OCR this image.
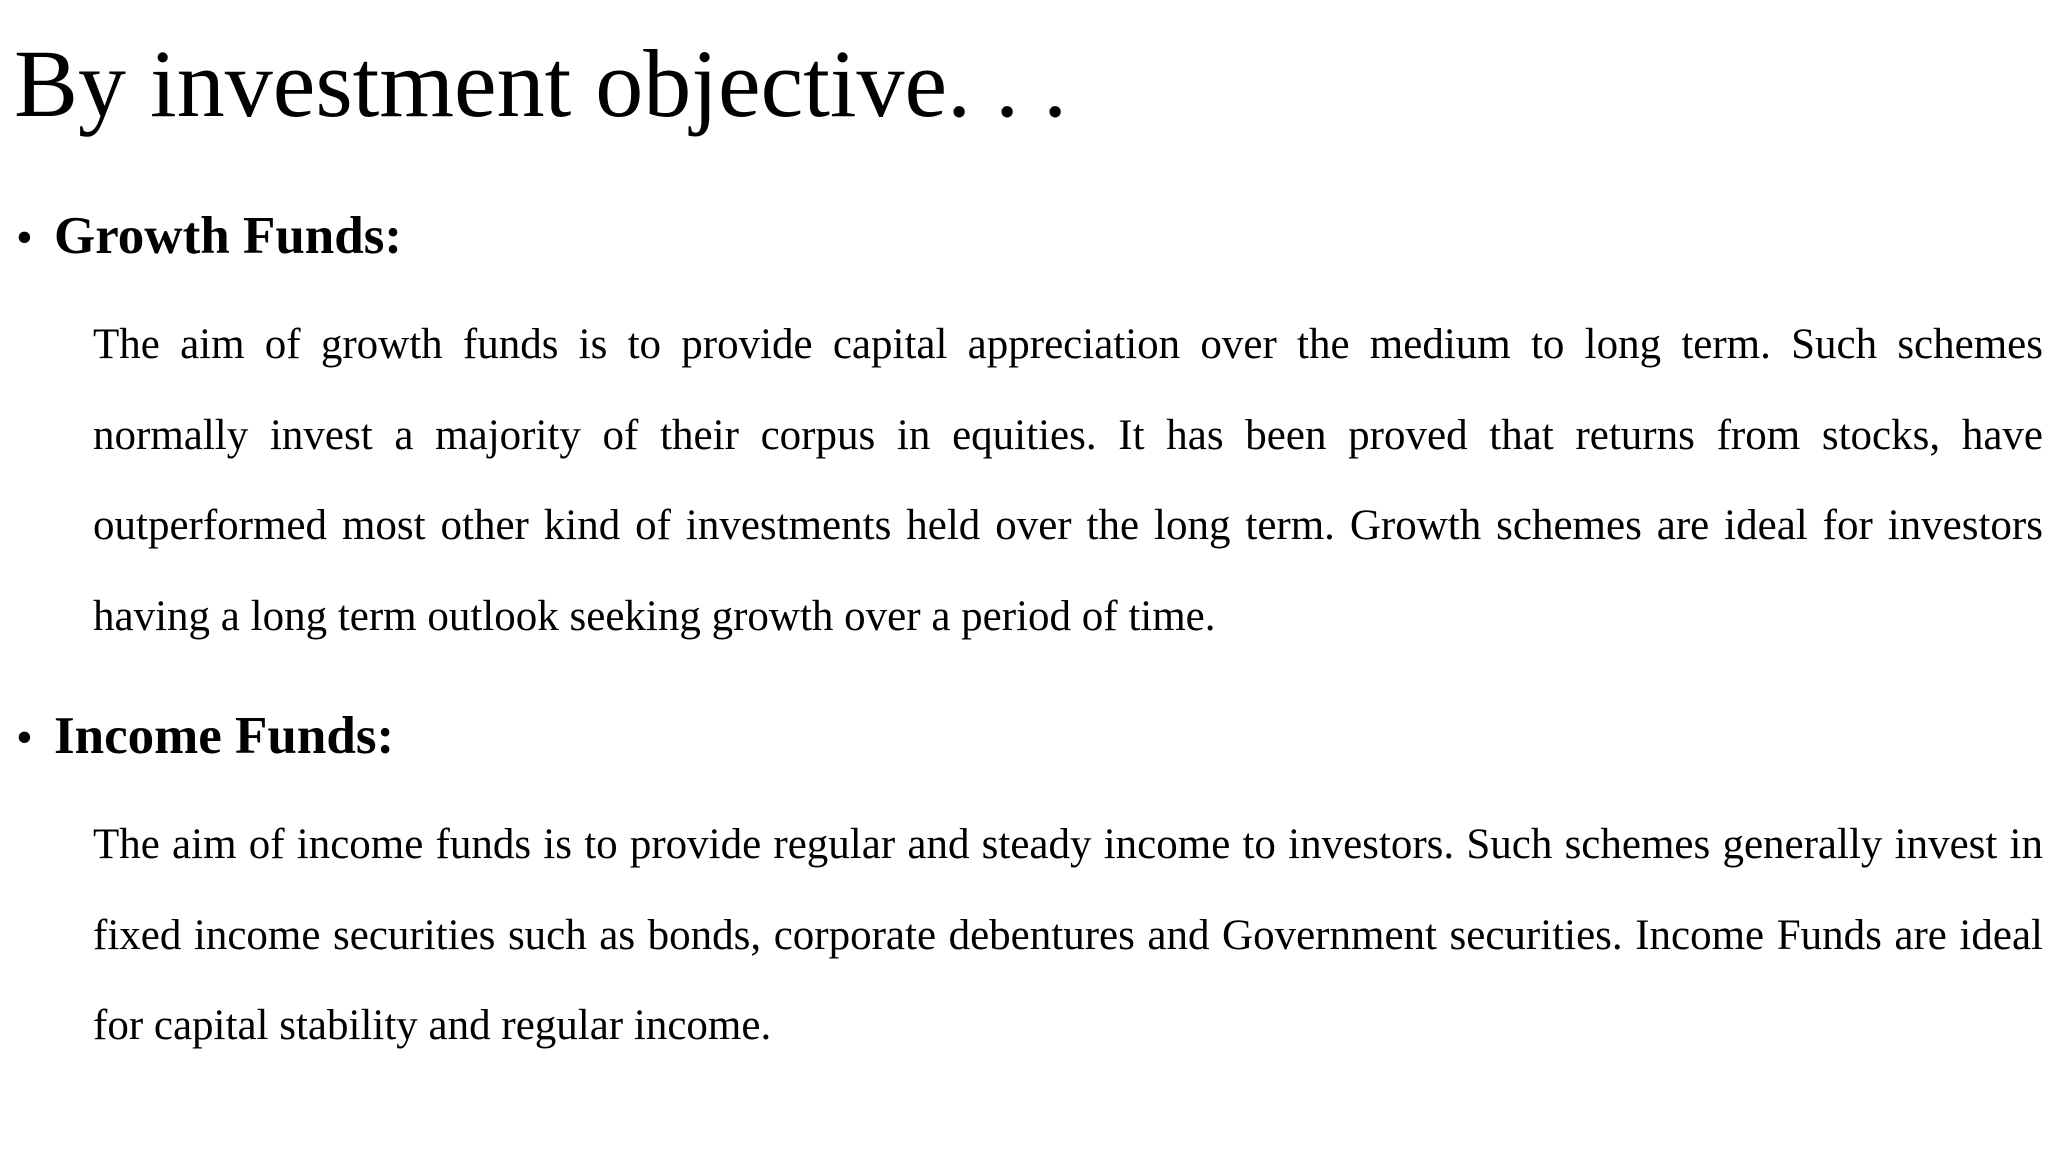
By investment objective. . .
• Growth Funds:

The aim of growth funds is to provide capital appreciation over the medium to long term. Such schemes normally invest a majority of their corpus in equities. It has been proved that returns from stocks, have outperformed most other kind of investments held over the long term. Growth schemes are ideal for investors having a long term outlook seeking growth over a period of time.

• Income Funds:

The aim of income funds is to provide regular and steady income to investors. Such schemes generally invest in fixed income securities such as bonds, corporate debentures and Government securities. Income Funds are ideal for capital stability and regular income.
